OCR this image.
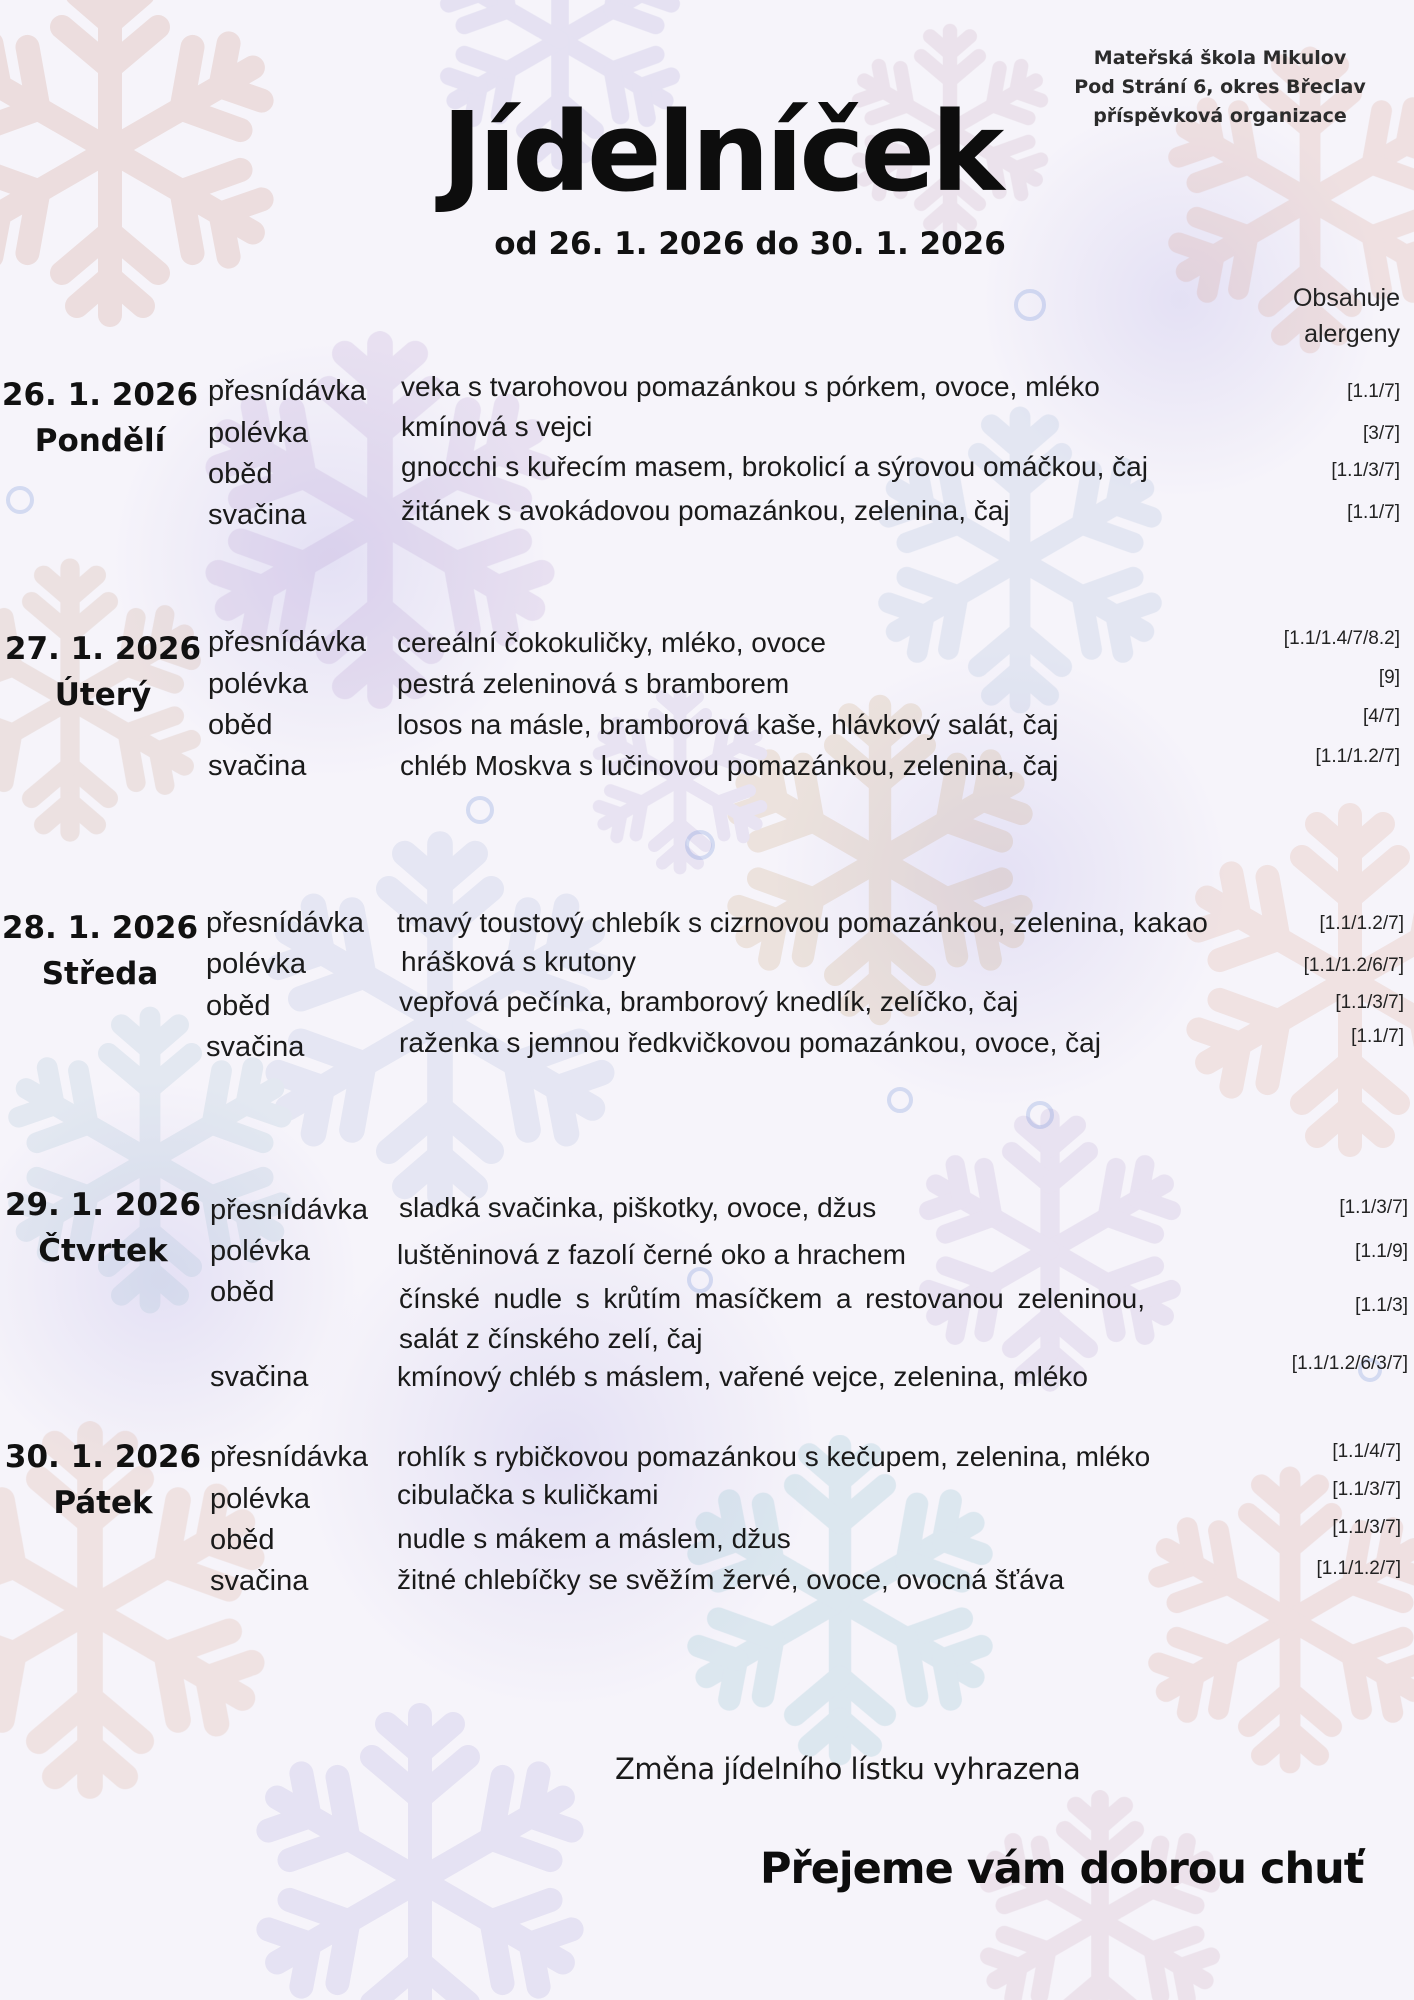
Mateřská škola Mikulov
Pod Strání 6, okres Břeclav
příspěvková organizace
Jídelníček
od 26. 1. 2026 do 30. 1. 2026
Obsahuje
alergeny
26. 1. 2026
Pondělí
přesnídávka
polévka
oběd
svačina
veka s tvarohovou pomazánkou s pórkem, ovoce, mléko
kmínová s vejci
gnocchi s kuřecím masem, brokolicí a sýrovou omáčkou, čaj
žitánek s avokádovou pomazánkou, zelenina, čaj
[1.1/7]
[3/7]
[1.1/3/7]
[1.1/7]
27. 1. 2026
Úterý
přesnídávka
polévka
oběd
svačina
cereální čokokuličky, mléko, ovoce
pestrá zeleninová s bramborem
losos na másle, bramborová kaše, hlávkový salát, čaj
chléb Moskva s lučinovou pomazánkou, zelenina, čaj
[1.1/1.4/7/8.2]
[9]
[4/7]
[1.1/1.2/7]
28. 1. 2026
Středa
přesnídávka
polévka
oběd
svačina
tmavý toustový chlebík s cizrnovou pomazánkou, zelenina, kakao
hrášková s krutony
vepřová pečínka, bramborový knedlík, zelíčko, čaj
raženka s jemnou ředkvičkovou pomazánkou, ovoce, čaj
[1.1/1.2/7]
[1.1/1.2/6/7]
[1.1/3/7]
[1.1/7]
29. 1. 2026
Čtvrtek
přesnídávka
polévka
oběd
svačina
sladká svačinka, piškotky, ovoce, džus
luštěninová z fazolí černé oko a hrachem
čínské nudle s krůtím masíčkem a restovanou zeleninou, salát z čínského zelí, čaj
kmínový chléb s máslem, vařené vejce, zelenina, mléko
[1.1/3/7]
[1.1/9]
[1.1/3]
[1.1/1.2/6/3/7]
30. 1. 2026
Pátek
přesnídávka
polévka
oběd
svačina
rohlík s rybičkovou pomazánkou s kečupem, zelenina, mléko
cibulačka s kuličkami
nudle s mákem a máslem, džus
žitné chlebíčky se svěžím žervé, ovoce, ovocná šťáva
[1.1/4/7]
[1.1/3/7]
[1.1/3/7]
[1.1/1.2/7]
Změna jídelního lístku vyhrazena
Přejeme vám dobrou chuť
